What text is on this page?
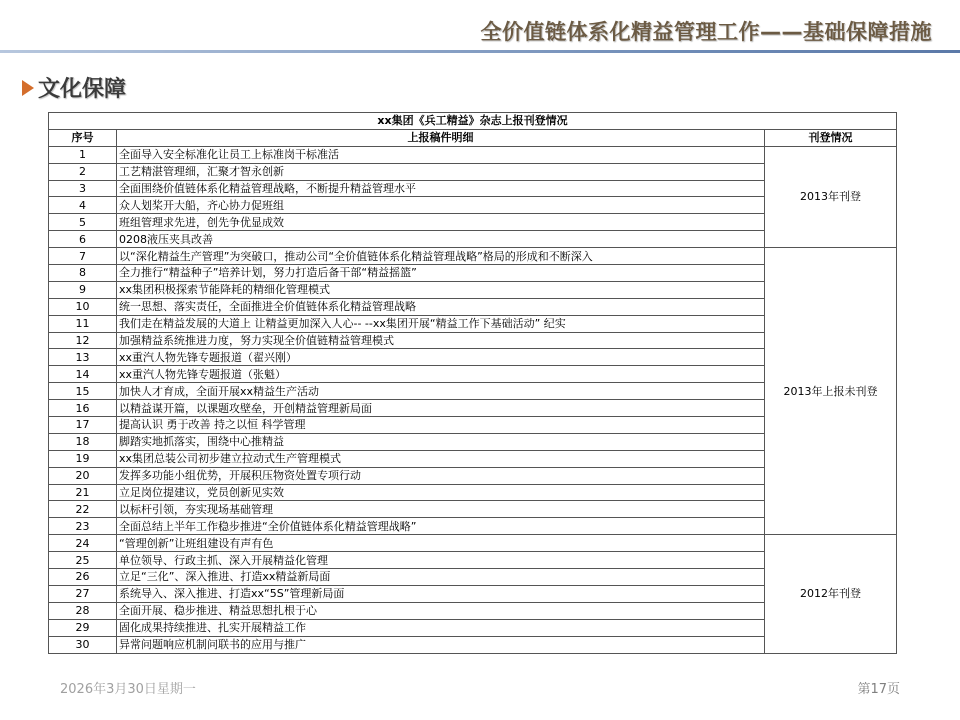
全价值链体系化精益管理工作——基础保障措施
文化保障
xx集团《兵工精益》杂志上报刊登情况		
序号	上报稿件明细	刊登情况
1	全面导入安全标准化让员工上标准岗干标准活	2013年刊登
2	工艺精湛管理细，汇聚才智永创新	
3	全面围绕价值链体系化精益管理战略，不断提升精益管理水平	
4	众人划桨开大船，齐心协力促班组	
5	班组管理求先进，创先争优显成效	
6	0208液压夹具改善	
7	以“深化精益生产管理”为突破口，推动公司“全价值链体系化精益管理战略”格局的形成和不断深入	2013年上报未刊登
8	全力推行“精益种子”培养计划，努力打造后备干部“精益摇篮”	
9	xx集团积极探索节能降耗的精细化管理模式	
10	统一思想、落实责任，全面推进全价值链体系化精益管理战略	
11	我们走在精益发展的大道上 让精益更加深入人心-- --xx集团开展“精益工作下基础活动” 纪实	
12	加强精益系统推进力度，努力实现全价值链精益管理模式	
13	xx重汽人物先锋专题报道（翟兴刚）	
14	xx重汽人物先锋专题报道（张魁）	
15	加快人才育成，全面开展xx精益生产活动	
16	以精益谋开篇，以课题攻壁垒，开创精益管理新局面	
17	提高认识 勇于改善 持之以恒 科学管理	
18	脚踏实地抓落实，围绕中心推精益	
19	xx集团总装公司初步建立拉动式生产管理模式	
20	发挥多功能小组优势，开展积压物资处置专项行动	
21	立足岗位提建议，党员创新见实效	
22	以标杆引领，夯实现场基础管理	
23	全面总结上半年工作稳步推进“全价值链体系化精益管理战略”	
24	“管理创新”让班组建设有声有色	2012年刊登
25	单位领导、行政主抓、深入开展精益化管理	
26	立足“三化”、深入推进、打造xx精益新局面	
27	系统导入、深入推进、打造xx“5S”管理新局面	
28	全面开展、稳步推进、精益思想扎根于心	
29	固化成果持续推进、扎实开展精益工作	
30	异常问题响应机制问联书的应用与推广	
2026年3月30日星期一	第17页
